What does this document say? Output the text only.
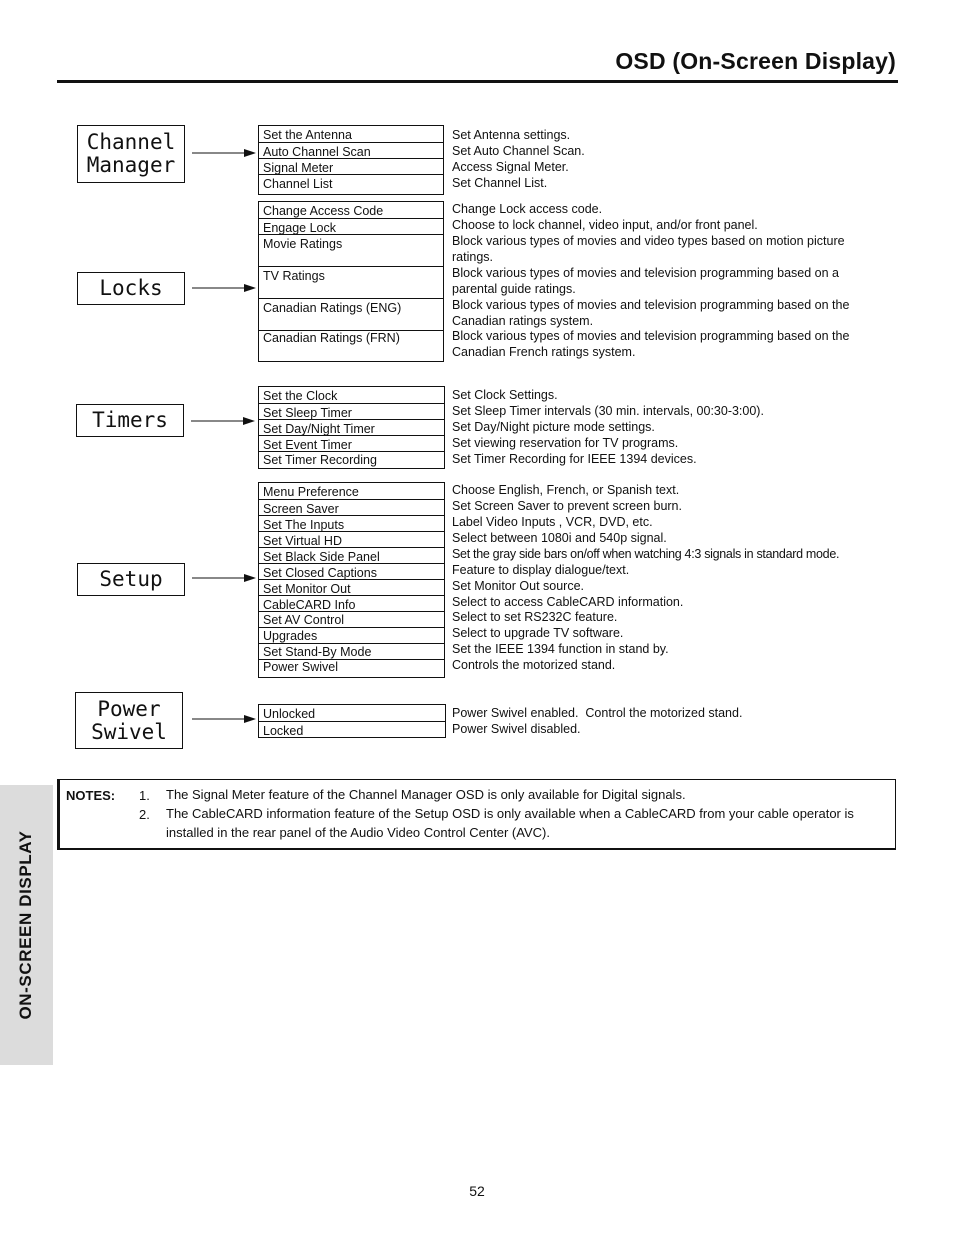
OSD (On-Screen Display)
ON-SCREEN DISPLAY
Channel
Manager
Set the Antenna
Auto Channel Scan
Signal Meter
Channel List
Set Antenna settings.
Set Auto Channel Scan.
Access Signal Meter.
Set Channel List.
Locks
Change Access Code
Engage Lock
Movie Ratings
TV Ratings
Canadian Ratings (ENG)
Canadian Ratings (FRN)
Change Lock access code.
Choose to lock channel, video input, and/or front panel.
Block various types of movies and video types based on motion picture ratings.
Block various types of movies and television programming based on a parental guide ratings.
Block various types of movies and television programming based on the Canadian ratings system.
Block various types of movies and television programming based on the Canadian French ratings system.
Timers
Set the Clock
Set Sleep Timer
Set Day/Night Timer
Set Event Timer
Set Timer Recording
Set Clock Settings.
Set Sleep Timer intervals (30 min. intervals, 00:30-3:00).
Set Day/Night picture mode settings.
Set viewing reservation for TV programs.
Set Timer Recording for IEEE 1394 devices.
Setup
Menu Preference
Screen Saver
Set The Inputs
Set Virtual HD
Set Black Side Panel
Set Closed Captions
Set Monitor Out
CableCARD Info
Set AV Control
Upgrades
Set Stand-By Mode
Power Swivel
Choose English, French, or Spanish text.
Set Screen Saver to prevent screen burn.
Label Video Inputs , VCR, DVD, etc.
Select between 1080i and 540p signal.
Set the gray side bars on/off when watching 4:3 signals in standard mode.
Feature to display dialogue/text.
Set Monitor Out source.
Select to access CableCARD information.
Select to set RS232C feature.
Select to upgrade TV software.
Set the IEEE 1394 function in stand by.
Controls the motorized stand.
Power
Swivel
Unlocked
Locked
Power Swivel enabled.  Control the motorized stand.
Power Swivel disabled.
NOTES: 1. The Signal Meter feature of the Channel Manager OSD is only available for Digital signals.
2. The CableCARD information feature of the Setup OSD is only available when a CableCARD from your cable operator is installed in the rear panel of the Audio Video Control Center (AVC).
52
